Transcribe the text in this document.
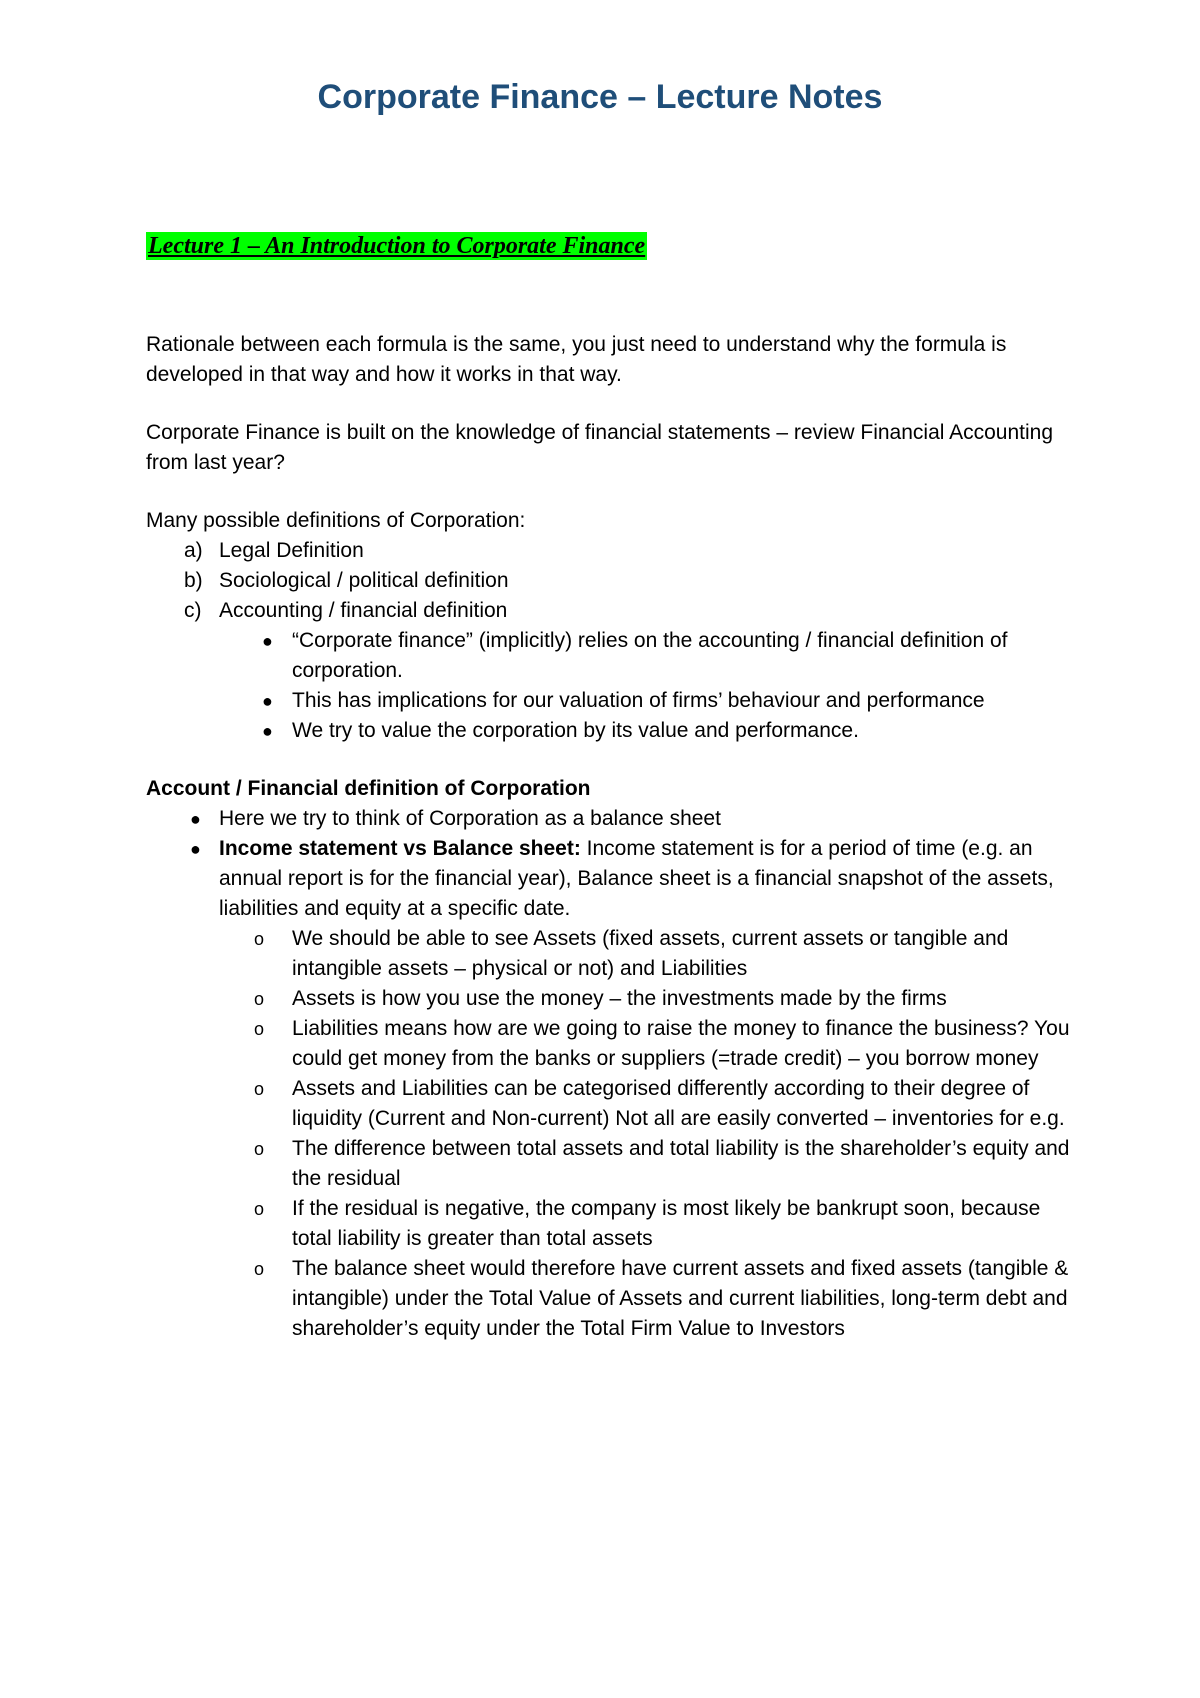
Corporate Finance – Lecture Notes
Lecture 1 – An Introduction to Corporate Finance

Rationale between each formula is the same, you just need to understand why the formula is developed in that way and how it works in that way.

Corporate Finance is built on the knowledge of financial statements – review Financial Accounting from last year?

Many possible definitions of Corporation:

a) Legal Definition
b) Sociological / political definition
c) Accounting / financial definition
● “Corporate finance” (implicitly) relies on the accounting / financial definition of corporation.
● This has implications for our valuation of firms’ behaviour and performance
● We try to value the corporation by its value and performance.

Account / Financial definition of Corporation

● Here we try to think of Corporation as a balance sheet
● Income statement vs Balance sheet: Income statement is for a period of time (e.g. an annual report is for the financial year), Balance sheet is a financial snapshot of the assets, liabilities and equity at a specific date.
o We should be able to see Assets (fixed assets, current assets or tangible and intangible assets – physical or not) and Liabilities
o Assets is how you use the money – the investments made by the firms
o Liabilities means how are we going to raise the money to finance the business? You could get money from the banks or suppliers (=trade credit) – you borrow money
o Assets and Liabilities can be categorised differently according to their degree of liquidity (Current and Non-current) Not all are easily converted – inventories for e.g.
o The difference between total assets and total liability is the shareholder’s equity and the residual
o If the residual is negative, the company is most likely be bankrupt soon, because total liability is greater than total assets
o The balance sheet would therefore have current assets and fixed assets (tangible & intangible) under the Total Value of Assets and current liabilities, long-term debt and shareholder’s equity under the Total Firm Value to Investors
